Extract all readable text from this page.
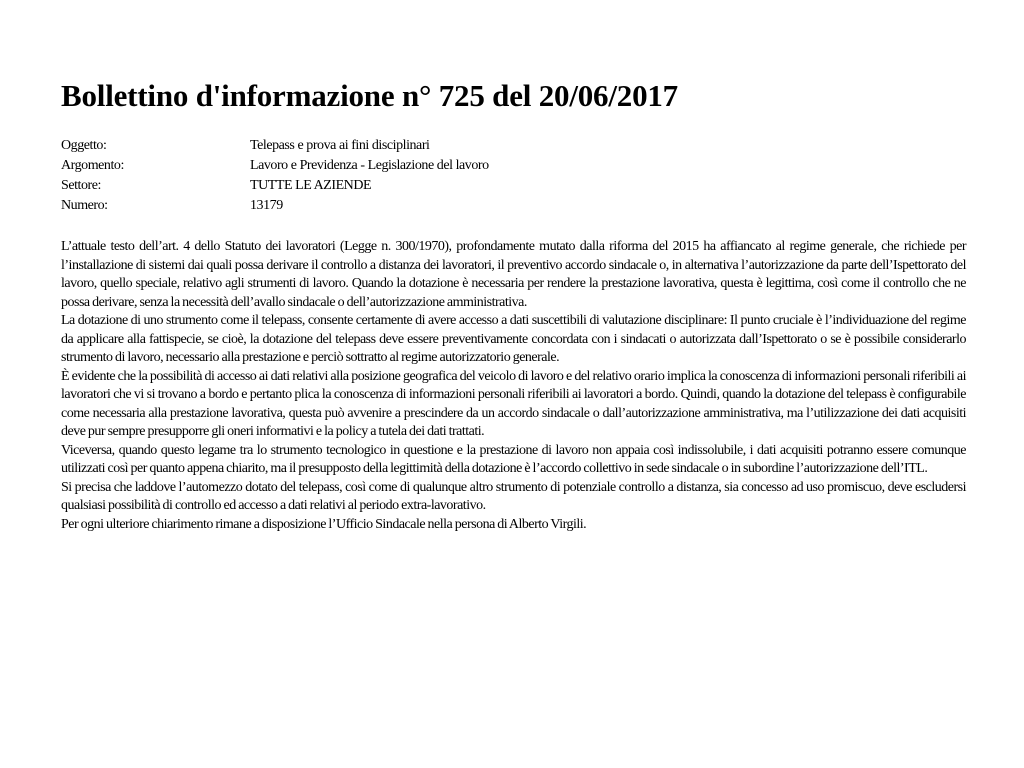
Bollettino d'informazione n° 725 del 20/06/2017
Oggetto:	Telepass e prova ai fini disciplinari
Argomento:	Lavoro e Previdenza - Legislazione del lavoro
Settore:	TUTTE LE AZIENDE
Numero:	13179

L’attuale testo dell’art. 4 dello Statuto dei lavoratori (Legge n. 300/1970), profondamente mutato dalla riforma del 2015 ha affiancato al regime generale, che richiede per l’installazione di sistemi dai quali possa derivare il controllo a distanza dei lavoratori, il preventivo accordo sindacale o, in alternativa l’autorizzazione da parte dell’Ispettorato del lavoro, quello speciale, relativo agli strumenti di lavoro. Quando la dotazione è necessaria per rendere la prestazione lavorativa, questa è legittima, così come il controllo che ne possa derivare, senza la necessità dell’avallo sindacale o dell’autorizzazione amministrativa.

La dotazione di uno strumento come il telepass, consente certamente di avere accesso a dati suscettibili di valutazione disciplinare: Il punto cruciale è l’individuazione del regime da applicare alla fattispecie, se cioè, la dotazione del telepass deve essere preventivamente concordata con i sindacati o autorizzata dall’Ispettorato o se è possibile considerarlo strumento di lavoro, necessario alla prestazione e perciò sottratto al regime autorizzatorio generale.

È evidente che la possibilità di accesso ai dati relativi alla posizione geografica del veicolo di lavoro e del relativo orario implica la conoscenza di informazioni personali riferibili ai lavoratori che vi si trovano a bordo e pertanto plica la conoscenza di informazioni personali riferibili ai lavoratori a bordo. Quindi, quando la dotazione del telepass è configurabile come necessaria alla prestazione lavorativa, questa può avvenire a prescindere da un accordo sindacale o dall’autorizzazione amministrativa, ma l’utilizzazione dei dati acquisiti deve pur sempre presupporre gli oneri informativi e la policy a tutela dei dati trattati.

Viceversa, quando questo legame tra lo strumento tecnologico in questione e la prestazione di lavoro non appaia così indissolubile, i dati acquisiti potranno essere comunque utilizzati così per quanto appena chiarito, ma il presupposto della legittimità della dotazione è l’accordo collettivo in sede sindacale o in subordine l’autorizzazione dell’ITL.

Si precisa che laddove l’automezzo dotato del telepass, così come di qualunque altro strumento di potenziale controllo a distanza, sia concesso ad uso promiscuo, deve escludersi qualsiasi possibilità di controllo ed accesso a dati relativi al periodo extra-lavorativo.

Per ogni ulteriore chiarimento rimane a disposizione l’Ufficio Sindacale nella persona di Alberto Virgili.
